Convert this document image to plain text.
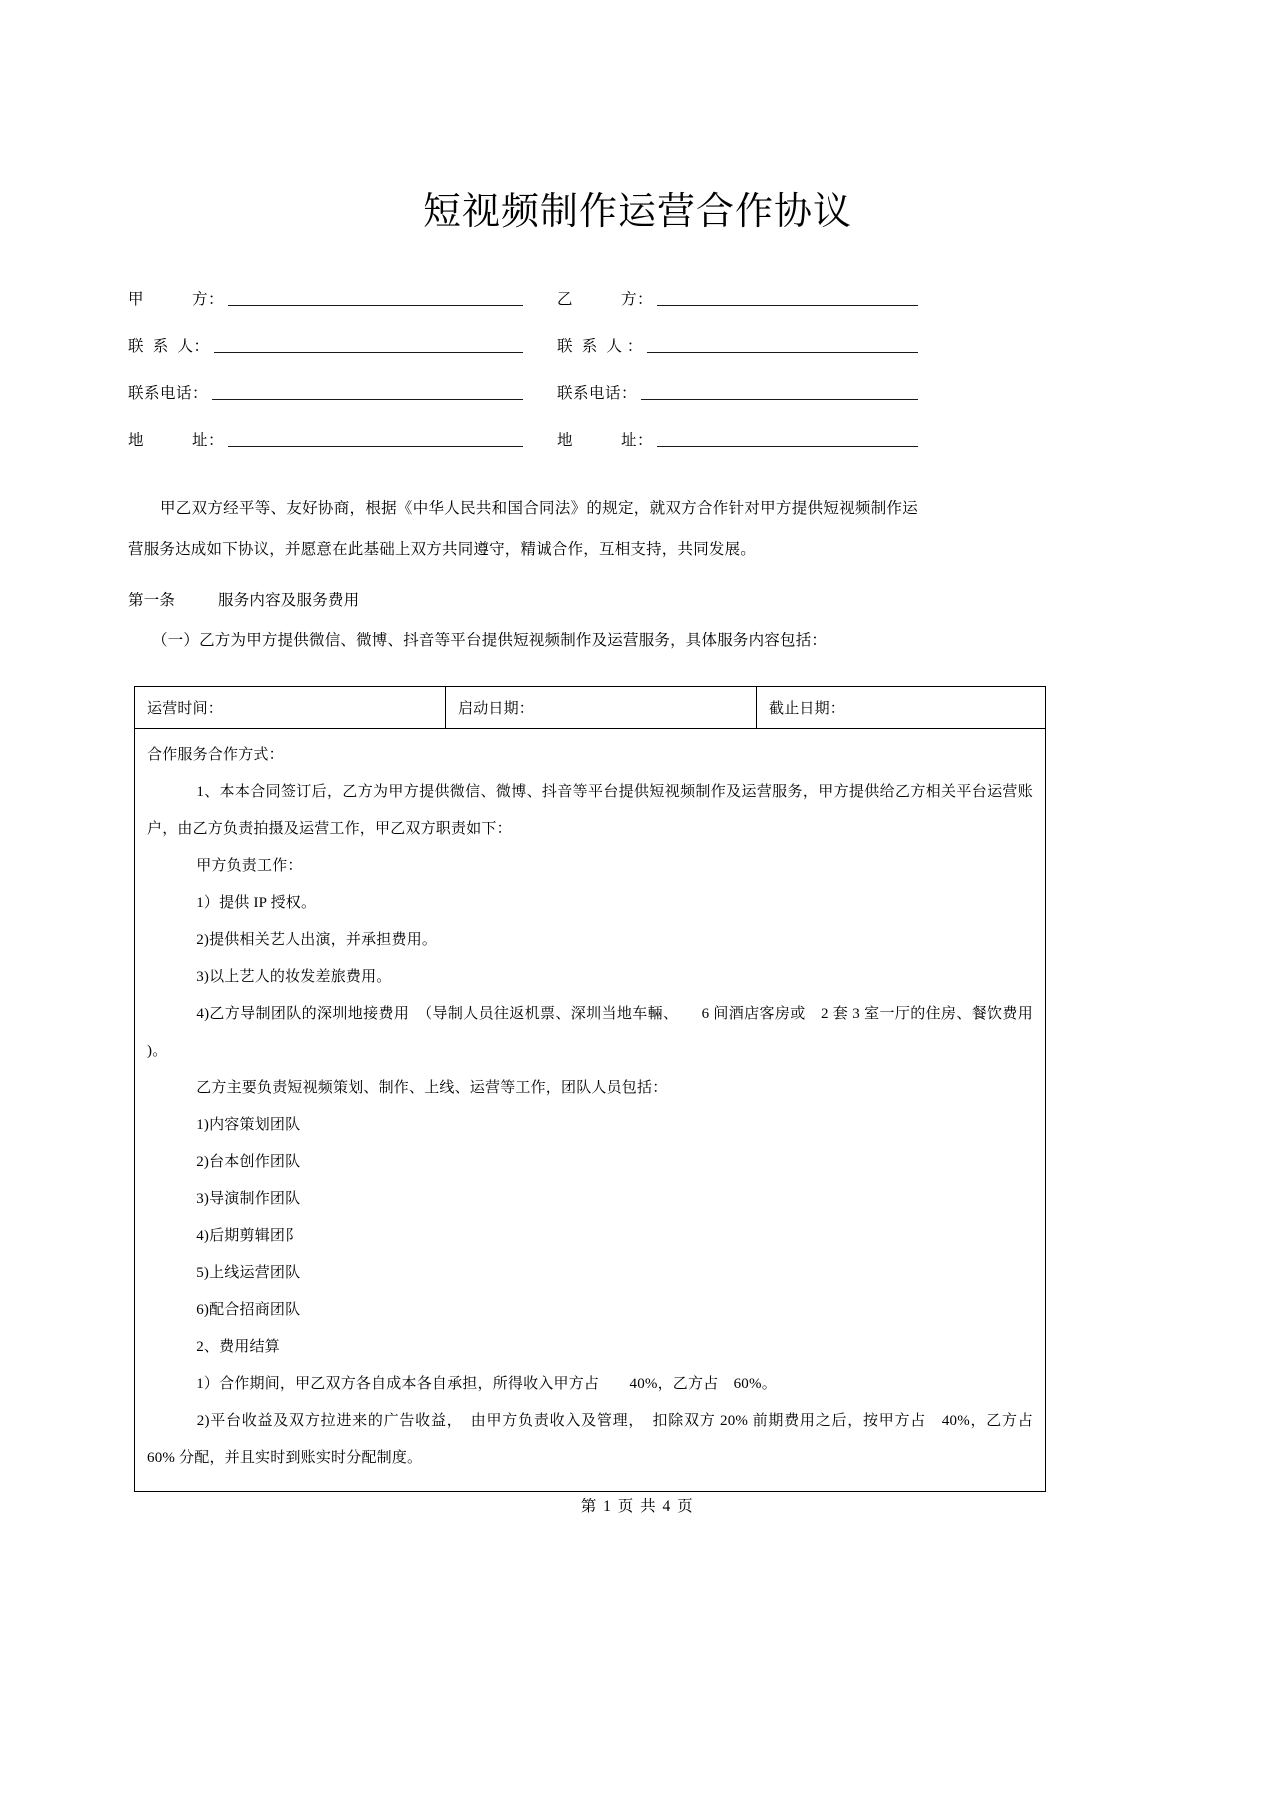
短视频制作运营合作协议
甲　　　方：	乙　　　方：
联  系  人：	联  系  人 ：
联系电话：	联系电话：
地　　　址：	地　　　址：

甲乙双方经平等、友好协商，根据《中华人民共和国合同法》的规定，就双方合作针对甲方提供短视频制作运营服务达成如下协议，并愿意在此基础上双方共同遵守，精诚合作，互相支持，共同发展。

第一条	服务内容及服务费用
（一）乙方为甲方提供微信、微博、抖音等平台提供短视频制作及运营服务，具体服务内容包括：
运营时间：	启动日期：	截止日期：

合作服务合作方式：
　1、本本合同签订后，乙方为甲方提供微信、微博、抖音等平台提供短视频制作及运营服务，甲方提供给乙方相关平台运营账户，由乙方负责拍摄及运营工作，甲乙双方职责如下：
　甲方负责工作：
　1）提供 IP 授权。
　2)提供相关艺人出演，并承担费用。
　3)以上艺人的妆发差旅费用。
　4)乙方导制团队的深圳地接费用　（导制人员往返机票、深圳当地车輛、　　6 间酒店客房或　2 套 3 室一厅的住房、餐饮费用 )。
　乙方主要负责短视频策划、制作、上线、运营等工作，团队人员包括：
　1)内容策划团队
　2)台本创作团队
　3)导演制作团队
　4)后期剪辑团阝
　5)上线运营团队
　6)配合招商团队
　2、费用结算
　1）合作期间，甲乙双方各自成本各自承担，所得收入甲方占　　40%，乙方占　60%。
　2)平台收益及双方拉进来的广告收益，　由甲方负责收入及管理，　扣除双方 20% 前期费用之后，按甲方占　40%，乙方占 60% 分配，并且实时到账实时分配制度。
第 1 页 共 4 页
